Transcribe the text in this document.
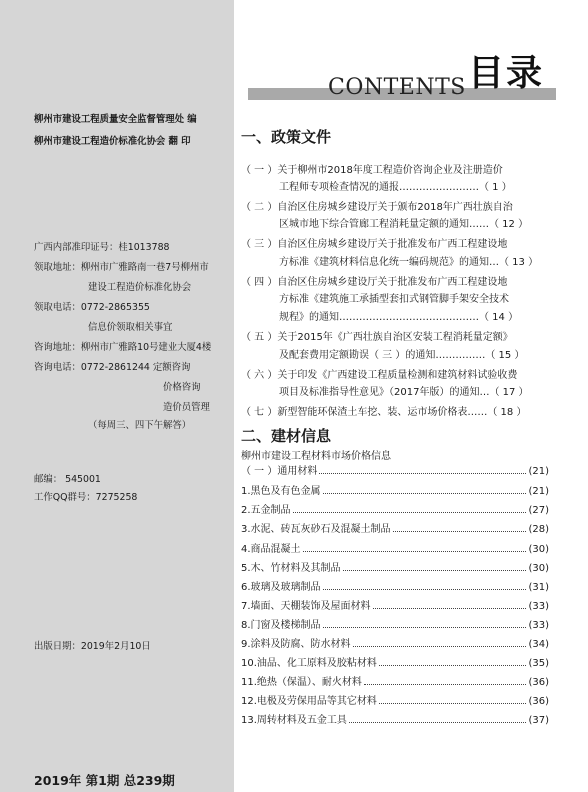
柳州市建设工程质量安全监督管理处 编
柳州市建设工程造价标准化协会 翻 印
广西内部准印证号：桂1013788
领取地址：柳州市广雅路南一巷7号柳州市
建设工程造价标准化协会
领取电话：0772-2865355
信息价领取相关事宜
咨询地址：柳州市广雅路10号建业大厦4楼
咨询电话：0772-2861244 定额咨询
价格咨询
造价员管理
（每周三、四下午解答）
邮编： 545001
工作QQ群号：7275258
出版日期：2019年2月10日
2019年 第1期 总239期
CONTENTS 目录
一、政策文件
（ 一 ）关于柳州市2018年度工程造价咨询企业及注册造价
工程师专项检查情况的通报……………………（ 1 ）
（ 二 ）自治区住房城乡建设厅关于颁布2018年广西壮族自治
区城市地下综合管廊工程消耗量定额的通知……（ 12 ）
（ 三 ）自治区住房城乡建设厅关于批准发布广西工程建设地
方标准《建筑材料信息化统一编码规范》的通知…（ 13 ）
（ 四 ）自治区住房城乡建设厅关于批准发布广西工程建设地
方标准《建筑施工承插型套扣式钢管脚手架安全技术
规程》的通知……………………………………（ 14 ）
（ 五 ）关于2015年《广西壮族自治区安装工程消耗量定额》
及配套费用定额勘误（ 三 ）的通知……………（ 15 ）
（ 六 ）关于印发《广西建设工程质量检测和建筑材料试验收费
项目及标准指导性意见》（2017年版）的通知…（ 17 ）
（ 七 ）新型智能环保渣土车挖、装、运市场价格表……（ 18 ）
二、建材信息
柳州市建设工程材料市场价格信息
（ 一 ）通用材料	(21)
1.黑色及有色金属	(21)
2.五金制品	(27)
3.水泥、砖瓦灰砂石及混凝土制品	(28)
4.商品混凝土	(30)
5.木、竹材料及其制品	(30)
6.玻璃及玻璃制品	(31)
7.墙面、天棚装饰及屋面材料	(33)
8.门窗及楼梯制品	(33)
9.涂料及防腐、防水材料	(34)
10.油品、化工原料及胶粘材料	(35)
11.绝热（保温）、耐火材料	(36)
12.电极及劳保用品等其它材料	(36)
13.周转材料及五金工具	(37)
